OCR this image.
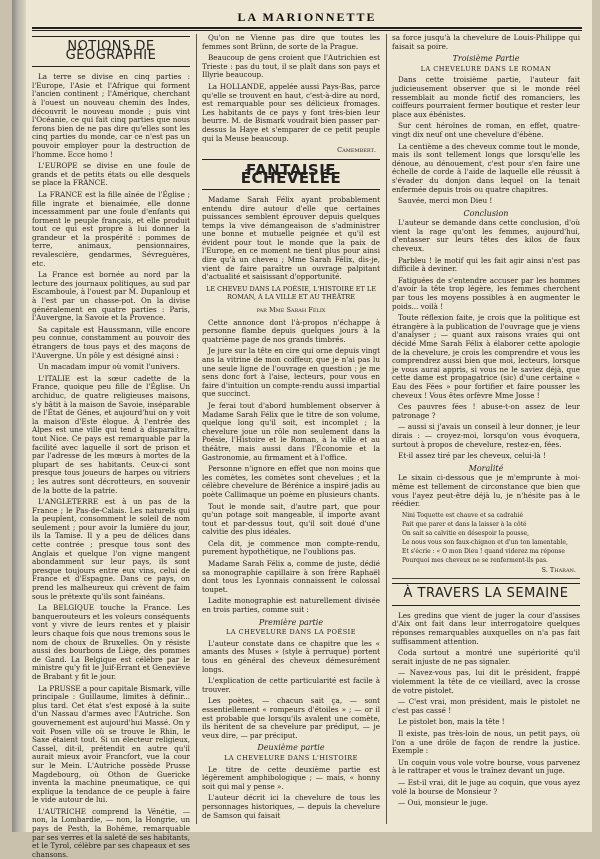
LA MARIONNETTE
NOTIONS DE GÉOGRAPHIE

La terre se divise en cinq parties : l'Europe, l'Asie et l'Afrique qui forment l'ancien continent ; l'Amérique, cherchant à l'ouest un nouveau chemin des Indes, découvrit le nouveau monde ; puis vint l'Océanie, ce qui fait cinq parties que nous ferons bien de ne pas dire qu'elles sont les cinq parties du monde, car ce n'est pas un pouvoir employer pour la destruction de l'homme. Ecce homo !

L'EUROPE se divise en une foule de grands et de petits états ou elle desquels se place la FRANCE.

La FRANCE est la fille aînée de l'Église ; fille ingrate et bienaimée, elle donne incessamment par une foule d'enfants qui forment le peuple français, et elle produit tout ce qui est propre à lui donner la grandeur et la prospérité : pommes de terre, animaux, pensionnaires, revalescière, gendarmes, Sévreguères, etc.

La France est bornée au nord par la lecture des journaux politiques, au sud par Escamboule, à l'ouest par M. Dupanloup et à l'est par un chasse-pot. On la divise généralement en quatre parties : Paris, l'Auvergne, la Savoie et la Provence.

Sa capitale est Haussmann, ville encore peu connue, constamment au pouvoir des étrangers de tous pays et des maçons de l'Auvergne. Un pôle y est désigné ainsi :

Un macadam impur où vomit l'univers.

L'ITALIE est la sœur cadette de la France, quoique peu fille de l'Église. Un archiduc, de quatre religieuses maisons, s'y bâtit à la maison de Savoie, inséparable de l'État de Génes, et aujourd'hui on y voit la maison d'Este élogue. À l'entrée des Alpes est une ville qui tend à disparaître, tout Nice. Ce pays est remarquable par la facilité avec laquelle il sort de prison et par l'adresse de les mœurs à mortes de la plupart de ses habitants. Ceux-ci sont presque tous joueurs de harpes ou vitriers ; les autres sont décrotteurs, en souvenir de la botte de la patrie.

L'ANGLETERRE est à un pas de la France ; le Pas-de-Calais. Les naturels qui la peuplent, consomment le soleil de nom seulement ; pour avoir la lumière du jour, ils la Tamise. Il y a peu de délices dans cette contrée ; presque tous sont des Anglais et quelque l'on vigne mangent abondamment sur leur pays, ils sont presque toujours entre eux vins, celui de France et d'Espagne. Dans ce pays, on prend les malheureux qui crèvent de faim sous le prétexte qu'ils sont fainéans.

La BELGIQUE touche la France. Les banquerouteurs et les voleurs conséquents vont y vivre de leurs rentes et y plaisir leurs chaque fois que nous tremons sous le nom de choux de Bruxelles. On y résiste aussi des bourbons de Liège, des pommes de Gand. La Belgique est célèbre par le ministre qu'y fit le Juif-Errant et Geneviève de Brabant y fit le jour.

La PRUSSE a pour capitale Bismark, ville principale : Guillaume, limites à définir... plus tard. Cet état s'est exposé à la suite d'un Nassau d'armes avec l'Autriche. Son gouvernement est aujourd'hui Massé. On y voit Posen ville où se trouve le Rhin, le Saxe étaient tout. Si un électeur religieux, Cassel, dit-il, prétendit en autre qu'il aurait mieux avoir Francfort, vue la cour sur le Mein. L'Autriche possède Prusse Magdebourg, où Othon de Guericke inventa la machine pneumatique, ce qui explique la tendance de ce peuple à faire le vide autour de lui.

L'AUTRICHE comprend la Vénétie, — non, la Lombardie, — non, la Hongrie, un pays de Pesth, la Bohême, remarquable par ses verres et la saleté de ses habitants, et le Tyrol, célèbre par ses chapeaux et ses chansons.

Qu'on ne Vienne pas dire que toutes les femmes sont Brünn, de sorte de la Prague.

Beaucoup de gens croient que l'Autrichien est Trieste : pas du tout, il se plaît dans son pays et Illyrie beaucoup.

La HOLLANDE, appelée aussi Pays-Bas, parce qu'elle se trouvent en haut, c'est-à-dire au nord, est remarquable pour ses délicieux fromages. Les habitants de ce pays y font très-bien leur beurre. M. de Bismark voudrait bien passer par-dessus la Haye et s'emparer de ce petit peuple qui la Meuse beaucoup.

Camembert.
FANTAISIE ÉCHEVELÉE

Madame Sarah Félix ayant probablement entendu dire autour d'elle que certaines puissances semblent éprouver depuis quelques temps la vive démangeaison de s'administrer une bonne et mutuelle peignée et qu'il est évident pour tout le monde que la paix de l'Europe, en ce moment ne tient plus pour ainsi dire qu'à un cheveu ; Mme Sarah Félix, dis-je, vient de faire paraître un ouvrage palpitant d'actualité et saisissant d'opportunité.

LE CHEVEU DANS LA POÉSIE, L'HISTOIRE ET LE ROMAN, À LA VILLE ET AU THÉÂTRE
par Mme Sarah Félix

Cette annonce dont l'à-propos n'échappe à personne flambe depuis quelques jours à la quatrième page de nos grands timbrés.

Je jure sur la tête en cire qui orne depuis vingt ans la vitrine de mon coiffeur, que je n'ai pas lu une seule ligne de l'ouvrage en question ; je me sens donc fort à l'aise, lecteurs, pour vous en faire d'intuition un compte-rendu aussi impartial que succinct.

Je ferai tout d'abord humblement observer à Madame Sarah Félix que le titre de son volume, quelque long qu'il soit, est incomplet ; la chevelure joue un rôle non seulement dans la Poésie, l'Histoire et le Roman, à la ville et au théâtre, mais aussi dans l'Économie et la Gastronomie, au firmament et à l'office.

Personne n'ignore en effet que non moins que les comètes, les comètes sont chevelues ; et la célèbre chevelure de Bérénice a inspiré jadis au poète Callimaque un poème en plusieurs chants.

Tout le monde sait, d'autre part, que pour qu'un potage soit mangeable, il importe avant tout et par-dessus tout, qu'il soit doué d'une calvitie des plus idéales.

Cela dit, je commence mon compte-rendu, purement hypothétique, ne l'oublions pas.

Madame Sarah Félix a, comme de juste, dédié sa monographie capillaire à son frère Raphaël dont tous les Lyonnais connaissent le colossal toupet.

Ladite monographie est naturellement divisée en trois parties, comme suit :

Première partie
LA CHEVELURE DANS LA POÉSIE

L'auteur constate dans ce chapitre que les « amants des Muses » (style à perruque) portent tous en général des cheveux démesurément longs.

L'explication de cette particularité est facile à trouver.

Les poètes, — chacun sait ça, — sont essentiellement « rompeurs d'étoiles » ; — or il est probable que lorsqu'ils avalent une comète, ils héritent de sa chevelure par prédiput, — je veux dire, — par préciput.

Deuxième partie
LA CHEVELURE DANS L'HISTOIRE

Le titre de cette deuxième partie est légèrement amphibologique ; — mais, « honny soit qui mal y pense ».

L'auteur décrit ici la chevelure de tous les personnages historiques, — depuis la chevelure de Samson qui faisait

sa force jusqu'à la chevelure de Louis-Philippe qui faisait sa poire.

Troisième Partie
LA CHEVELURE DANS LE ROMAN

Dans cette troisième partie, l'auteur fait judicieusement observer que si le monde réel ressemblait au monde fictif des romanciers, les coiffeurs pourraient fermer boutique et rester leur place aux ébénistes.

Sur cent héroïnes de roman, en effet, quatre-vingt dix neuf ont une chevelure d'ébène.

La centième a des cheveux comme tout le monde, mais ils sont tellement longs que lorsqu'elle les dénoue, au dénouement, c'est pour s'en faire une échelle de corde à l'aide de laquelle elle réussit à s'évader du donjon dans lequel on la tenait enfermée depuis trois ou quatre chapitres.

Sauvée, merci mon Dieu !

Conclusion

L'auteur se demande dans cette conclusion, d'où vient la rage qu'ont les femmes, aujourd'hui, d'entasser sur leurs têtes des kilos de faux cheveux.

Parbleu ! le motif qui les fait agir ainsi n'est pas difficile à deviner.

Fatiguées de s'entendre accuser par les hommes d'avoir la tête trop légère, les femmes cherchent par tous les moyens possibles à en augmenter le poids... voilà !

Toute réflexion faite, je crois que la politique est étrangère à la publication de l'ouvrage que je viens d'analyser ; — quant aux raisons vraies qui ont décidé Mme Sarah Félix à élaborer cette apologie de la chevelure, je crois les comprendre et vous les comprendrez aussi bien que moi, lecteurs, lorsque je vous aurai appris, si vous ne le saviez déjà, que cette dame est propagatrice (sic) d'une certaine « Eau des Fées » pour fortifier et faire pousser les cheveux ! Vous êtes orfèvre Mme Josse !

Ces pauvres fées ! abuse-t-on assez de leur patronage ?

— aussi si j'avais un conseil à leur donner, je leur dirais : — croyez-moi, lorsqu'on vous évoquera, surtout à propos de chevelure, restez-en, fées.

Et-il assez tiré par les cheveux, celui-là !

Moralité

Le sixain ci-dessous que je m'emprunte à moi-même est tellement de circonstance que bien que vous l'ayez peut-être déjà lu, je n'hésite pas à le réédier.

Nini Toquette est chauve et sa cadrahié

Fait que parer et dans la laisser à la côté

On sait sa calvitie en désespoir la pousse,

Le nous vous son faux-chignon et d'un ton lamentable,

Et s'écrie : « O mon Dieu ! quand viderez ma réponse

Pourquoi mes cheveux ne se renferment-ils pas.

S. Tharan.
À TRAVERS LA SEMAINE

Les gredins que vient de juger la cour d'assises d'Aix ont fait dans leur interrogatoire quelques réponses remarquables auxquelles on n'a pas fait suffisamment attention.

Coda surtout a montré une supériorité qu'il serait injuste de ne pas signaler.

— Navez-vous pas, lui dit le président, frappé violemment la tête de ce vieillard, avec la crosse de votre pistolet.

— C'est vrai, mon président, mais le pistolet ne c'est pas cassé !

Le pistolet bon, mais la tête !

Il existe, pas très-loin de nous, un petit pays, où l'on a une drôle de façon de rendre la justice. Exemple :

Un coquin vous vole votre bourse, vous parvenez à le rattraper et vous le traînez devant un juge.

— Est-il vrai, dit le juge au coquin, que vous ayez volé la bourse de Monsieur ?

— Oui, monsieur le juge.
